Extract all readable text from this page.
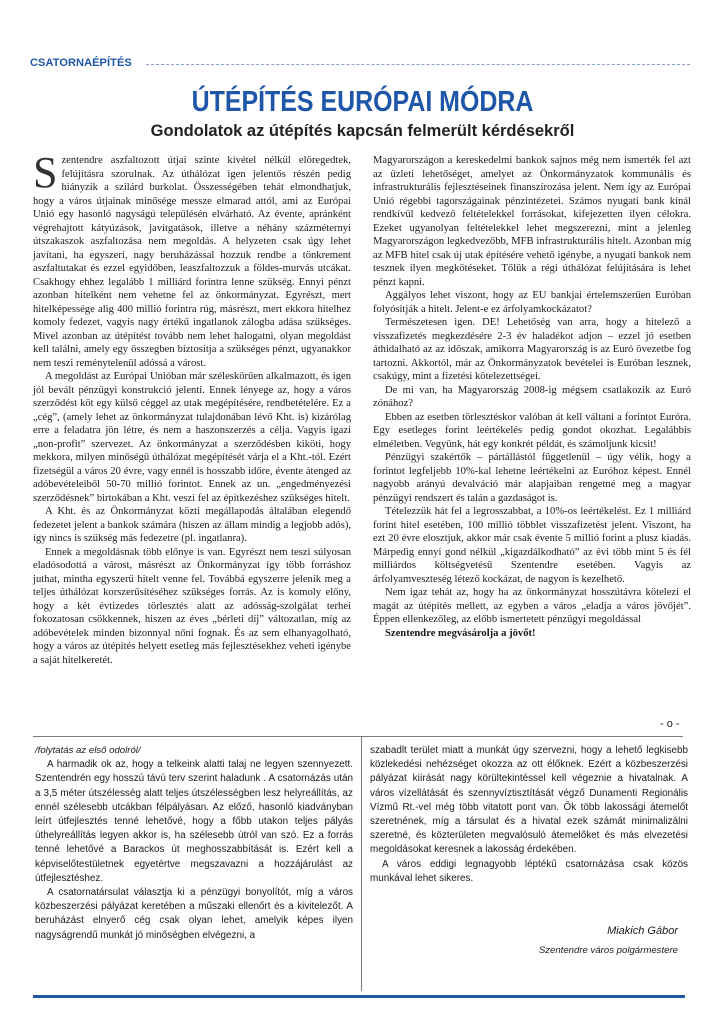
CSATORNAÉPÍTÉS
ÚTÉPÍTÉS EURÓPAI MÓDRA
Gondolatok az útépítés kapcsán felmerült kérdésekről

Szentendre aszfaltozott útjai szinte kivétel nélkül elöregedtek, felújításra szorulnak. Az úthálózat igen jelentős részén pedig hiányzik a szilárd burkolat. Összességében tehát elmondhatjuk, hogy a város útjainak minősége messze elmarad attól, ami az Európai Unió egy hasonló nagyságú településén elvárható. Az évente, apránként végrehajtott kátyúzások, javítgatások, illetve a néhány százméternyi útszakaszok aszfaltozása nem megoldás. A helyzeten csak úgy lehet javítani, ha egyszeri, nagy beruházással hozzuk rendbe a tönkrement aszfaltutakat és ezzel egyidőben, leaszfaltozzuk a földes-murvás utcákat. Csakhogy ehhez legalább 1 milliárd forintra lenne szükség. Ennyi pénzt azonban hitelként nem vehetne fel az önkormányzat. Egyrészt, mert hitelképessége alig 400 millió forintra rúg, másrészt, mert ekkora hitelhez komoly fedezet, vagyis nagy értékű ingatlanok zálogba adása szükséges. Mivel azonban az útépítést tovább nem lehet halogatni, olyan megoldást kell találni, amely egy összegben biztosítja a szükséges pénzt, ugyanakkor nem teszi reménytelenül adóssá a várost.

A megoldást az Európai Unióban már széleskörűen alkalmazott, és igen jól bevált pénzügyi konstrukció jelenti. Ennek lényege az, hogy a város szerződést köt egy külső céggel az utak megépítésére, rendbetételére. Ez a „cég”, (amely lehet az önkormányzat tulajdonában lévő Kht. is) kizárólag erre a feladatra jön létre, és nem a haszonszerzés a célja. Vagyis igazi „non-profit” szervezet. Az önkormányzat a szerződésben kiköti, hogy mekkora, milyen minőségű úthálózat megépítését várja el a Kht.-tól. Ezért fizetségül a város 20 évre, vagy ennél is hosszabb időre, évente átenged az adóbevételeiből 50-70 millió forintot. Ennek az un. „engedményezési szerződésnek” birtokában a Kht. veszi fel az építkezéshez szükséges hitelt.

A Kht. és az Önkormányzat közti megállapodás általában elegendő fedezetet jelent a bankok számára (hiszen az állam mindig a legjobb adós), így nincs is szükség más fedezetre (pl. ingatlanra).

Ennek a megoldásnak több előnye is van. Egyrészt nem teszi súlyosan eladósodottá a várost, másrészt az Önkormányzat így több forráshoz juthat, mintha egyszerű hitelt venne fel. Továbbá egyszerre jelenik meg a teljes úthálózat korszerűsítéséhez szükséges forrás. Az is komoly előny, hogy a két évtizedes törlesztés alatt az adósság-szolgálat terhei fokozatosan csökkennek, hiszen az éves „bérleti díj” változatlan, míg az adóbevételek minden bizonnyal nőni fognak. És az sem elhanyagolható, hogy a város az útépítés helyett esetleg más fejlesztésekhez veheti igénybe a saját hitelkeretét.

Magyarországon a kereskedelmi bankok sajnos még nem ismerték fel azt az üzleti lehetőséget, amelyet az Önkormányzatok kommunális és infrastrukturális fejlesztéseinek finanszírozása jelent. Nem így az Európai Unió régebbi tagországainak pénzintézetei. Számos nyugati bank kínál rendkívül kedvező feltételekkel forrásokat, kifejezetten ilyen célokra. Ezeket ugyanolyan feltételekkel lehet megszerezni, mint a jelenleg Magyarországon legkedvezőbb, MFB infrastrukturális hitelt. Azonban míg az MFB hitel csak új utak építésére vehető igénybe, a nyugati bankok nem tesznek ilyen megkötéseket. Tőlük a régi úthálózat felújítására is lehet pénzt kapni.

Aggályos lehet viszont, hogy az EU bankjai értelemszerűen Euróban folyósítják a hitelt. Jelent-e ez árfolyamkockázatot?

Természetesen igen. DE! Lehetőség van arra, hogy a hitelező a visszafizetés megkezdésére 2-3 év haladékot adjon – ezzel jó esetben áthidalható az az időszak, amikorra Magyarország is az Euró övezetbe fog tartozni. Akkortól, már az Önkormányzatok bevételei is Euróban lesznek, csakúgy, mint a fizetési kötelezettségei.

De mi van, ha Magyarország 2008-ig mégsem csatlakozik az Euró zónához?

Ebben az esetben törlesztéskor valóban át kell váltani a forintot Euróra. Egy esetleges forint leértékelés pedig gondot okozhat. Legalábbis elméletben. Vegyünk, hát egy konkrét példát, és számoljunk kicsit!

Pénzügyi szakértők – pártállástól függetlenül – úgy vélik, hogy a forintot legfeljebb 10%-kal lehetne leértékelni az Euróhoz képest. Ennél nagyobb arányú devalváció már alapjaiban rengetné meg a magyar pénzügyi rendszert és talán a gazdaságot is.

Tételezzük hát fel a legrosszabbat, a 10%-os leértékelést. Ez 1 milliárd forint hitel esetében, 100 millió többlet visszafizetést jelent. Viszont, ha ezt 20 évre elosztjuk, akkor már csak évente 5 millió forint a plusz kiadás. Márpedig ennyi gond nélkül „kigazdálkodható” az évi több mint 5 és fél milliárdos költségvetésű Szentendre esetében. Vagyis az árfolyamveszteség létező kockázat, de nagyon is kezelhető.

Nem igaz tehát az, hogy ha az önkormányzat hosszútávra kötelezi el magát az útépítés mellett, az egyben a város „eladja a város jövőjét”. Éppen ellenkezőleg, az előbb ismertetett pénzügyi megoldással

Szentendre megvásárolja a jövőt!

- o -

/folytatás az első odolról/

A harmadik ok az, hogy a telkeink alatti talaj ne legyen szennyezett. Szentendrén egy hosszú távú terv szerint haladunk . A csatornázás után a 3,5 méter útszélesség alatt teljes útszélességben lesz helyreállítás, az ennél szélesebb utcákban félpályásan. Az előző, hasonló kiadványban leírt útfejlesztés tenné lehetővé, hogy a főbb utakon teljes pályás úthelyreállítás legyen akkor is, ha szélesebb útról van szó. Ez a forrás tenné lehetővé a Barackos út meghosszabbítását is. Ezért kell a képviselőtestületnek egyetértve megszavazni a hozzájárulást az útfejlesztéshez.

A csatornatársulat választja ki a pénzügyi bonyolítót, míg a város közbeszerzési pályázat keretében a műszaki ellenőrt és a kivitelezőt. A beruházást elnyerő cég csak olyan lehet, amelyik képes ilyen nagyságrendű munkát jó minőségben elvégezni, a

szabadlt terület miatt a munkát úgy szervezni, hogy a lehető legkisebb közlekedési nehézséget okozza az ott élőknek. Ezért a közbeszerzési pályázat kiírását nagy körültekintéssel kell végeznie a hivatalnak. A város vízellátását és szennyvíztisztítását végző Dunamenti Regionális Vízmű Rt.-vel még több vitatott pont van. Ők több lakossági átemelőt szeretnének, míg a társulat és a hivatal ezek számát minimalizálni szeretné, és közterületen megvalósuló átemelőket és más elvezetési megoldásokat keresnek a lakosság érdekében.

A város eddigi legnagyobb léptékű csatornázása csak közös munkával lehet sikeres.

Miakich Gábor
Szentendre város polgármestere
